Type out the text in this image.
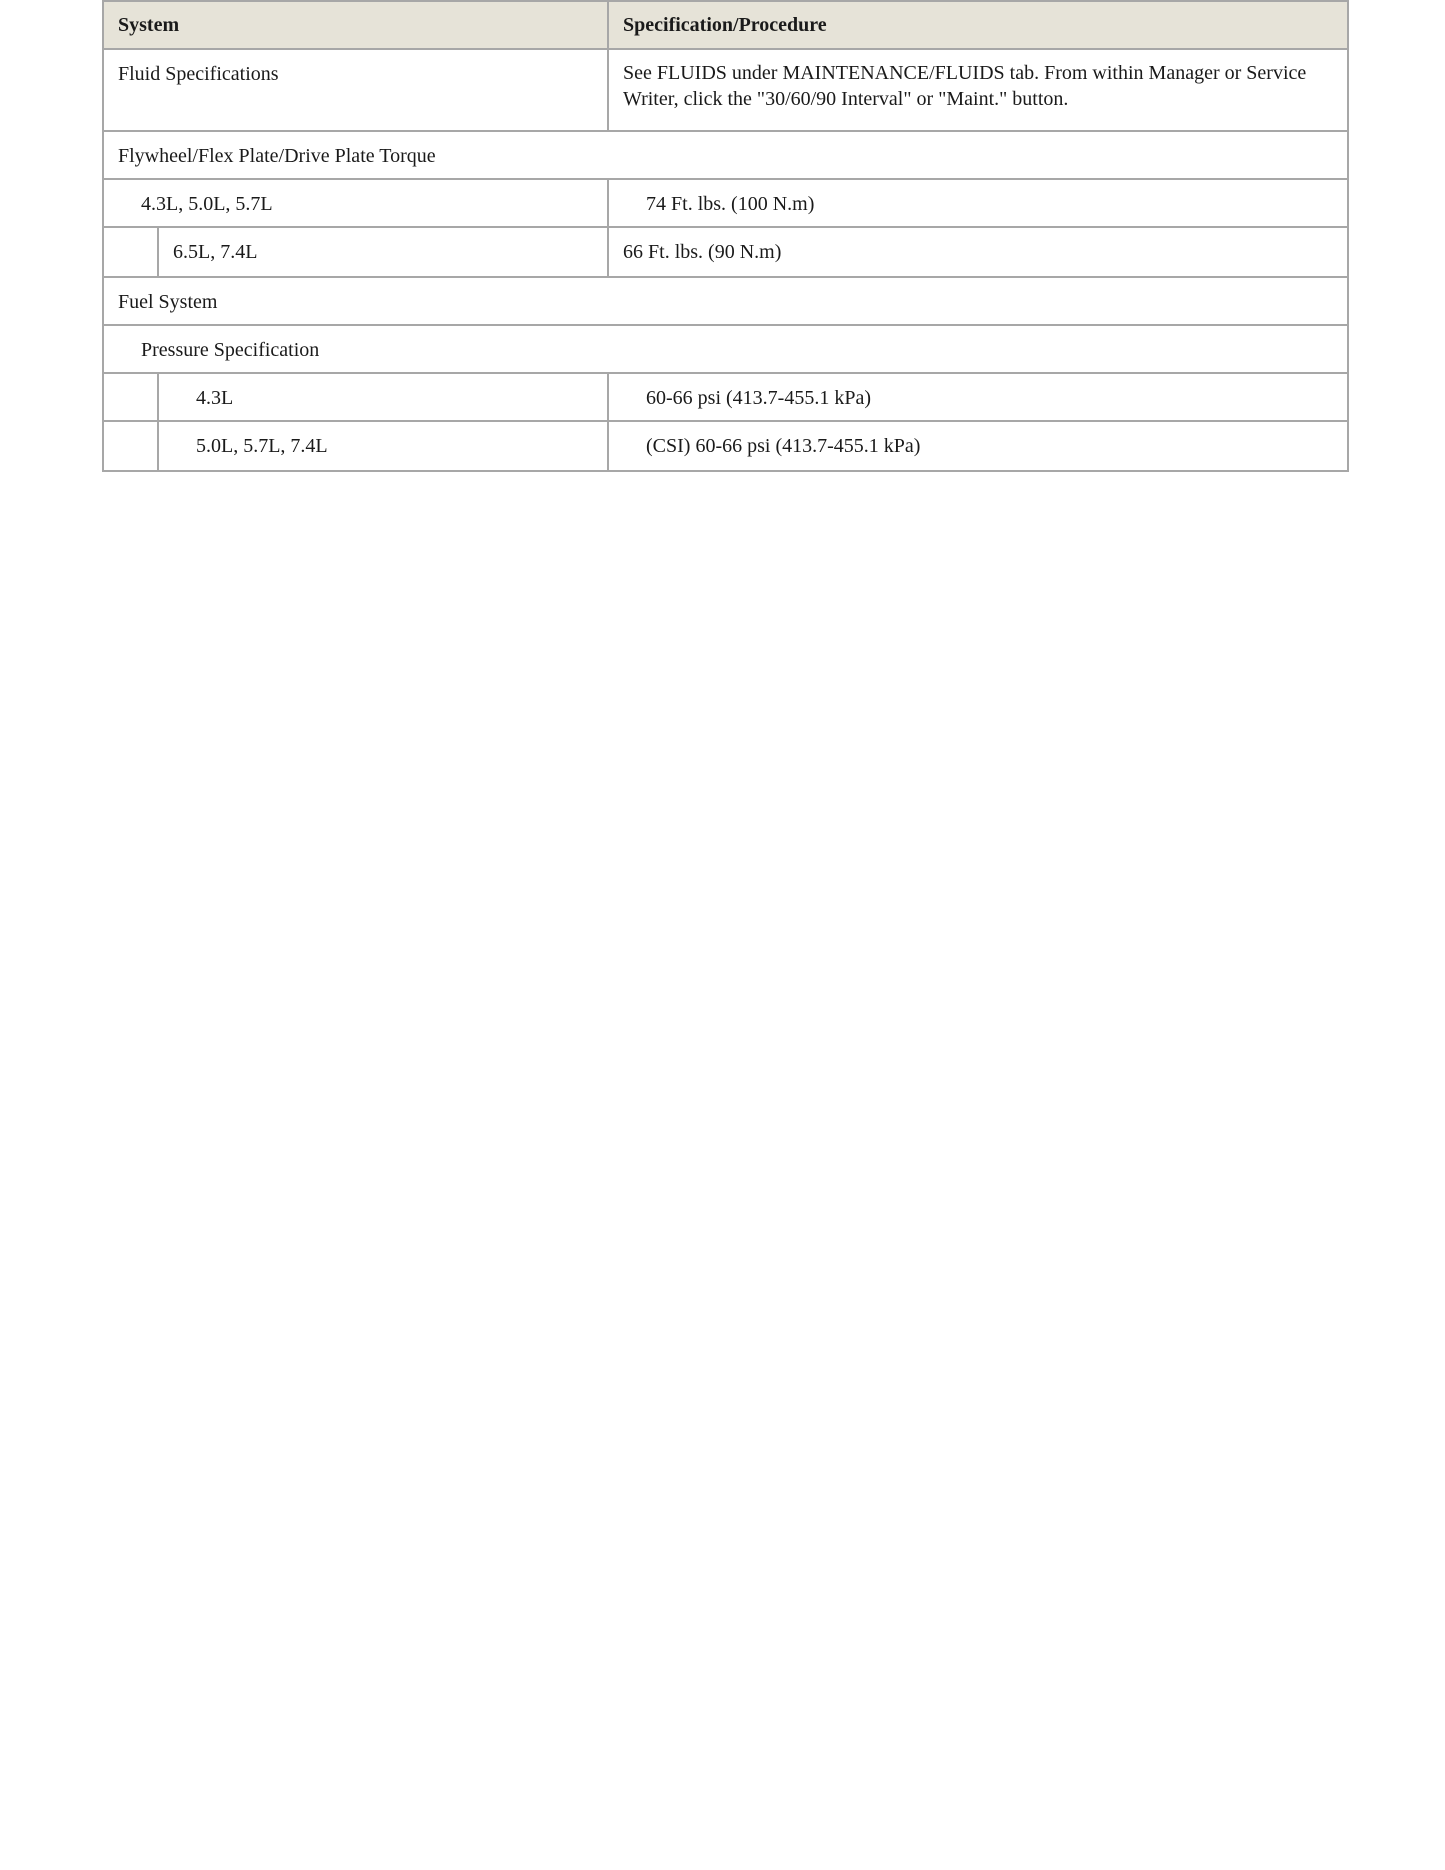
System		Specification/Procedure

Fluid Specifications		See FLUIDS under MAINTENANCE/FLUIDS tab. From within Manager or Service Writer, click the "30/60/90 Interval" or "Maint." button.

Flywheel/Flex Plate/Drive Plate Torque		

4.3L, 5.0L, 5.7L		74 Ft. lbs. (100 N.m)

	6.5L, 7.4L	66 Ft. lbs. (90 N.m)

Fuel System		

Pressure Specification		

	4.3L	60-66 psi (413.7-455.1 kPa)

	5.0L, 5.7L, 7.4L	(CSI) 60-66 psi (413.7-455.1 kPa)
